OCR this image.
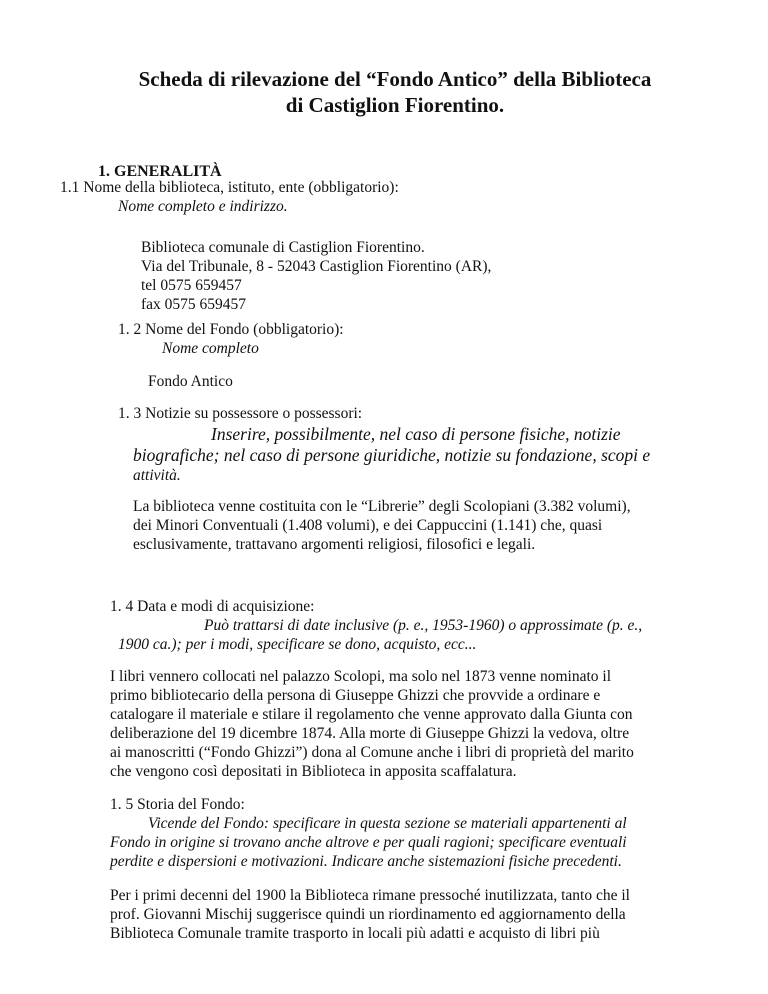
Scheda di rilevazione del “Fondo Antico” della Biblioteca
di Castiglion Fiorentino.
1. GENERALITÀ
1.1 Nome della biblioteca, istituto, ente (obbligatorio):
Nome completo e indirizzo.
Biblioteca comunale di Castiglion Fiorentino.
Via del Tribunale, 8 - 52043 Castiglion Fiorentino (AR),
tel 0575 659457
fax 0575 659457
1. 2 Nome del Fondo (obbligatorio):
Nome completo
Fondo Antico
1. 3 Notizie su possessore o possessori:
Inserire, possibilmente, nel caso di persone fisiche, notizie
biografiche; nel caso di persone giuridiche, notizie su fondazione, scopi e
attività.
La biblioteca venne costituita con le “Librerie” degli Scolopiani (3.382 volumi),
dei Minori Conventuali (1.408 volumi), e dei Cappuccini (1.141) che, quasi
esclusivamente, trattavano argomenti religiosi, filosofici e legali.
1. 4 Data e modi di acquisizione:
Può trattarsi di date inclusive (p. e., 1953-1960) o approssimate (p. e.,
1900 ca.); per i modi, specificare se dono, acquisto, ecc...
I libri vennero collocati nel palazzo Scolopi, ma solo nel 1873 venne nominato il
primo bibliotecario della persona di Giuseppe Ghizzi che provvide a ordinare e
catalogare il materiale e stilare il regolamento che venne approvato dalla Giunta con
deliberazione del 19 dicembre 1874. Alla morte di Giuseppe Ghizzi la vedova, oltre
ai manoscritti (“Fondo Ghizzi”) dona al Comune anche i libri di proprietà del marito
che vengono così depositati in Biblioteca in apposita scaffalatura.
1. 5 Storia del Fondo:
Vicende del Fondo: specificare in questa sezione se materiali appartenenti al
Fondo in origine si trovano anche altrove e per quali ragioni; specificare eventuali
perdite e dispersioni e motivazioni. Indicare anche sistemazioni fisiche precedenti.
Per i primi decenni del 1900 la Biblioteca rimane pressoché inutilizzata, tanto che il
prof. Giovanni Mischij suggerisce quindi un riordinamento ed aggiornamento della
Biblioteca Comunale tramite trasporto in locali più adatti e acquisto di libri più
